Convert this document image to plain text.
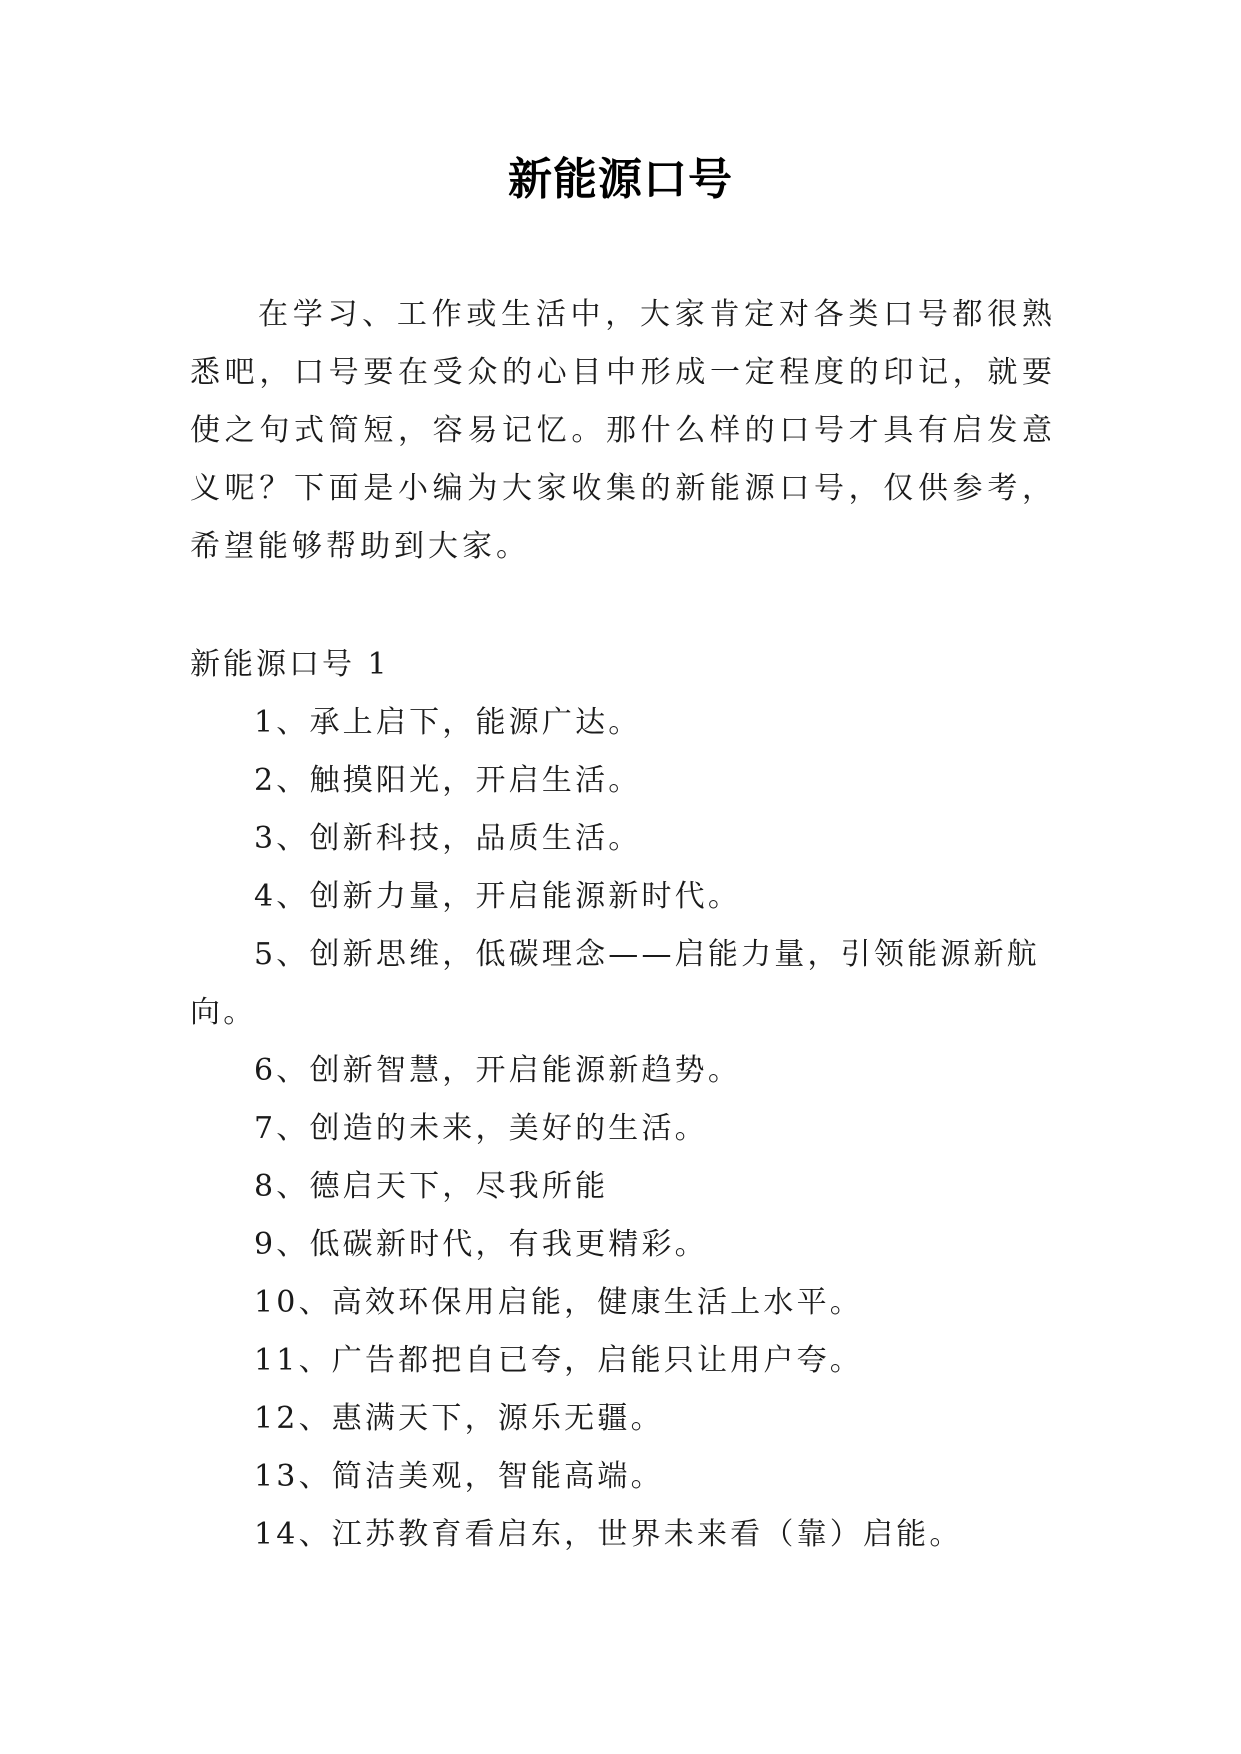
新能源口号

在学习、工作或生活中，大家肯定对各类口号都很熟悉吧，口号要在受众的心目中形成一定程度的印记，就要使之句式简短，容易记忆。那什么样的口号才具有启发意义呢？下面是小编为大家收集的新能源口号，仅供参考，希望能够帮助到大家。

新能源口号 1

1、承上启下，能源广达。
2、触摸阳光，开启生活。
3、创新科技，品质生活。
4、创新力量，开启能源新时代。
5、创新思维，低碳理念——启能力量，引领能源新航向。
6、创新智慧，开启能源新趋势。
7、创造的未来，美好的生活。
8、德启天下，尽我所能
9、低碳新时代，有我更精彩。
10、高效环保用启能，健康生活上水平。
11、广告都把自已夸，启能只让用户夸。
12、惠满天下，源乐无疆。
13、简洁美观，智能高端。
14、江苏教育看启东，世界未来看（靠）启能。
